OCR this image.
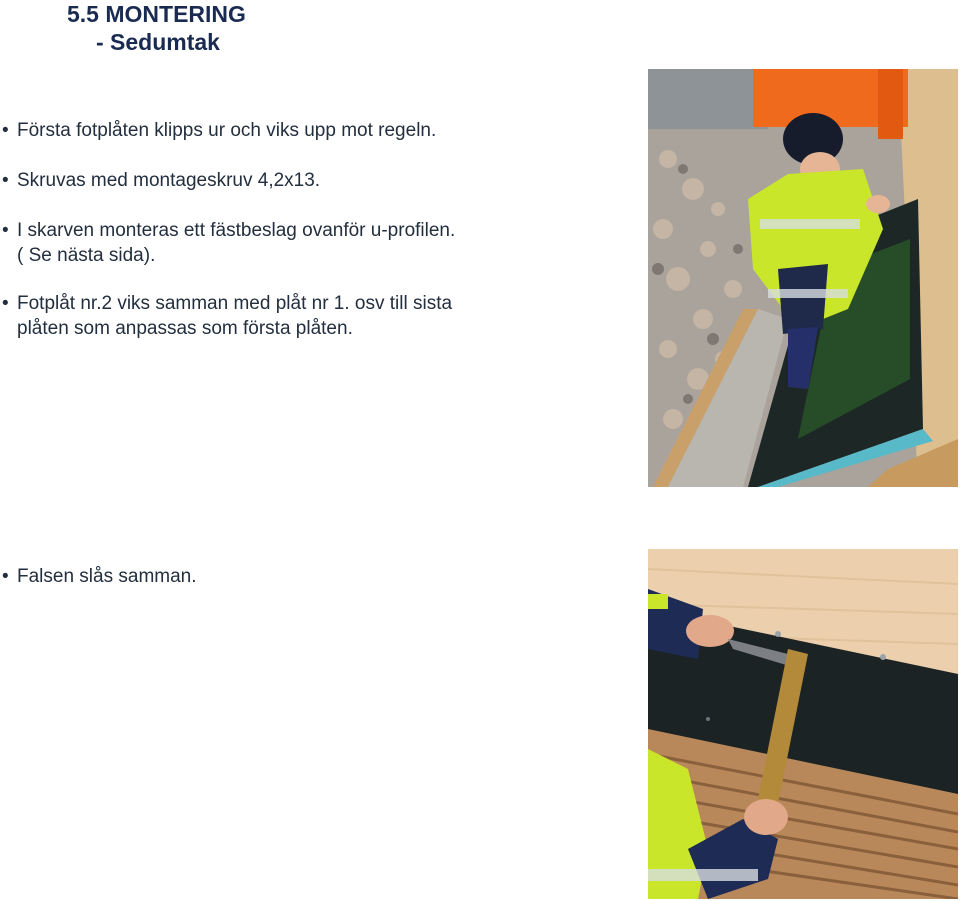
5.5 MONTERING
- Sedumtak
• Första fotplåten klipps ur och viks upp mot regeln.
• Skruvas med montageskruv 4,2x13.
• I skarven monteras ett fästbeslag ovanför u-profilen.
( Se nästa sida).
• Fotplåt nr.2 viks samman med plåt nr 1. osv till sista
plåten som anpassas som första plåten.
• Falsen slås samman.
